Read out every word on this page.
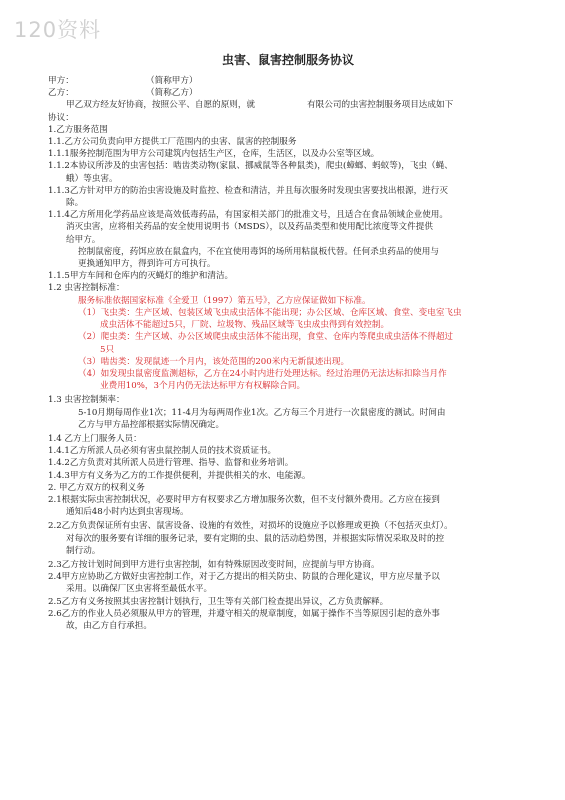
120资料

虫害、鼠害控制服务协议

甲方：	（简称甲方）
乙方：	（简称乙方）

甲乙双方经友好协商，按照公平、自愿的原则，就	有限公司的虫害控制服务项目达成如下

协议：

1.乙方服务范围

1.1.乙方公司负责向甲方提供工厂范围内的虫害、鼠害的控制服务

1.1.1服务控制范围为甲方公司建筑内包括生产区，仓库，生活区，以及办公室等区域。

1.1.2本协议所涉及的虫害包括：啮齿类动物(家鼠、挪威鼠等各种鼠类)，爬虫(蟑螂、蚂蚁等)，飞虫（蝇、

蛾）等虫害。

1.1.3乙方针对甲方的防治虫害设施及时监控、检查和清洁，并且每次服务时发现虫害要找出根源，进行灭

除。

1.1.4乙方所用化学药品应该是高效低毒药品，有国家相关部门的批准文号，且适合在食品领域企业使用。

消灭虫害，应将相关药品的安全使用说明书（MSDS），以及药品类型和使用配比浓度等文件提供

给甲方。

控制鼠密度，药饵应放在鼠盒内，不在宜使用毒饵的场所用粘鼠板代替。任何杀虫药品的使用与

更换通知甲方，得到许可方可执行。

1.1.5甲方车间和仓库内的灭蝇灯的维护和清洁。

1.2 虫害控制标准：

服务标准依据国家标准《全爱卫（1997）第五号》，乙方应保证做如下标准。

（1）飞虫类：生产区域、包装区域飞虫成虫活体不能出现；办公区域、仓库区域、食堂、变电室飞虫

成虫活体不能超过5只，厂院、垃圾物、残品区域等飞虫成虫得到有效控制。

（2）爬虫类：生产区域、办公区域爬虫成虫活体不能出现，食堂、仓库内等爬虫成虫活体不得超过

5只

（3）啮齿类：发现鼠迹一个月内，该处范围的200米内无新鼠迹出现。

（4）如发现虫鼠密度监测超标，乙方在24小时内进行处理达标。经过治理仍无法达标扣除当月作

业费用10%，3个月内仍无法达标甲方有权解除合同。

1.3 虫害控制频率：

5-10月期每周作业1次；11-4月为每两周作业1次。乙方每三个月进行一次鼠密度的测试。时间由

乙方与甲方品控部根据实际情况确定。

1.4 乙方上门服务人员：

1.4.1乙方所派人员必须有害虫鼠控制人员的技术资质证书。

1.4.2乙方负责对其所派人员进行管理、指导、监督和业务培训。

1.4.3甲方有义务为乙方的工作提供便利，并提供相关的水、电能源。

2. 甲乙方双方的权利义务

2.1根据实际虫害控制状况，必要时甲方有权要求乙方增加服务次数，但不支付额外费用。乙方应在接到

通知后48小时内达到虫害现场。

2.2乙方负责保证所有虫害、鼠害设备、设施的有效性，对损坏的设施应予以修理或更换（不包括灭虫灯）。

对每次的服务要有详细的服务记录，要有定期的虫、鼠的活动趋势图，并根据实际情况采取及时的控

制行动。

2.3乙方按计划时间到甲方进行虫害控制，如有特殊原因改变时间，应提前与甲方协商。

2.4甲方应协助乙方做好虫害控制工作，对于乙方提出的相关防虫、防鼠的合理化建议，甲方应尽量予以

采用。以确保厂区虫害将至最低水平。

2.5乙方有义务按照其虫害控制计划执行，卫生等有关部门检查提出异议，乙方负责解释。

2.6乙方的作业人员必须服从甲方的管理，并遵守相关的规章制度，如属于操作不当等原因引起的意外事

故，由乙方自行承担。
